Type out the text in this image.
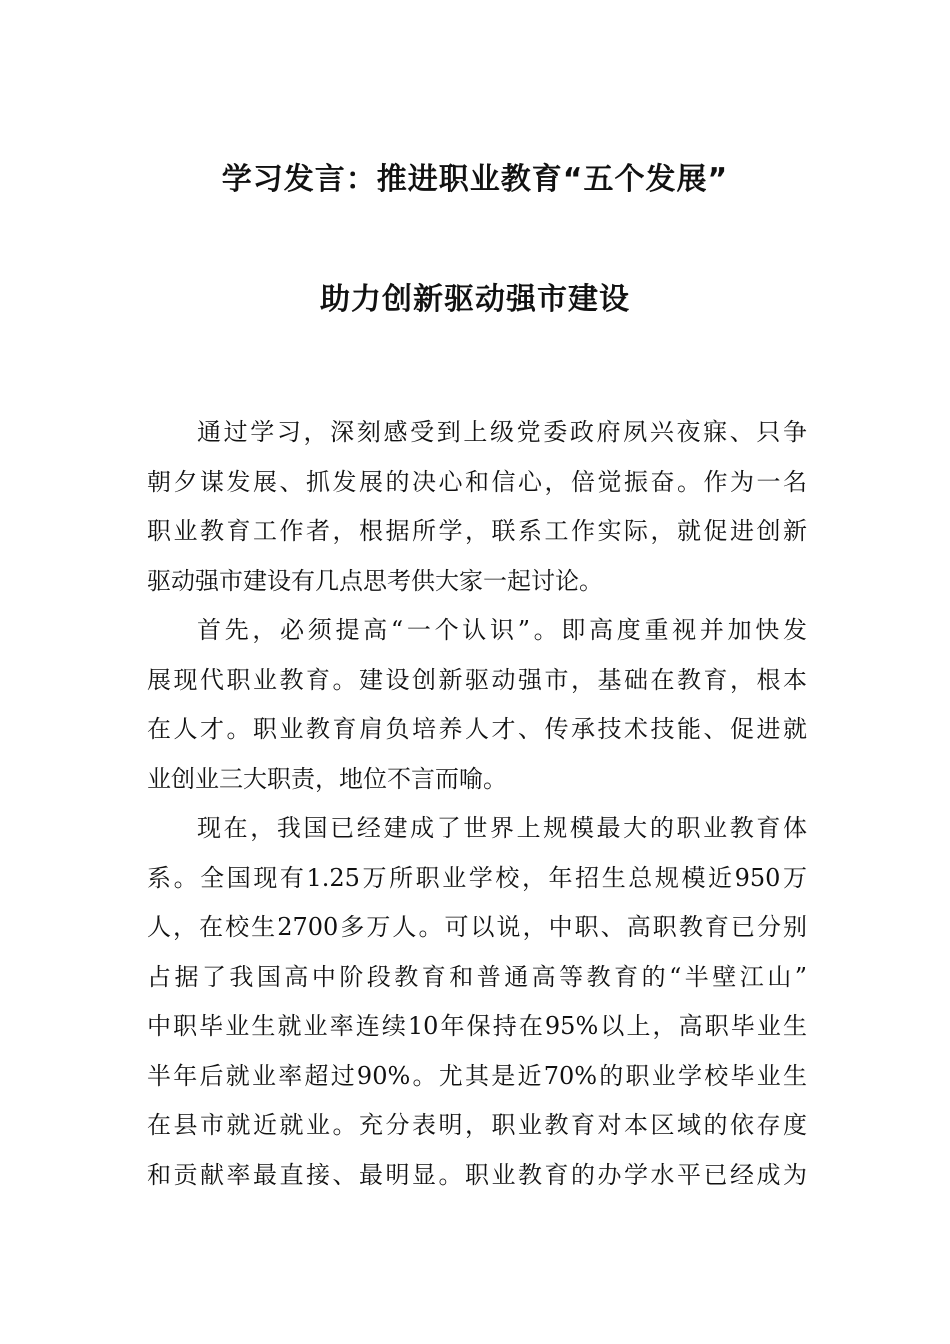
学习发言：推进职业教育“五个发展”
助力创新驱动强市建设
通过学习，深刻感受到上级党委政府夙兴夜寐、只争
朝夕谋发展、抓发展的决心和信心，倍觉振奋。作为一名
职业教育工作者，根据所学，联系工作实际，就促进创新
驱动强市建设有几点思考供大家一起讨论。
首先，必须提高“一个认识”。即高度重视并加快发
展现代职业教育。建设创新驱动强市，基础在教育，根本
在人才。职业教育肩负培养人才、传承技术技能、促进就
业创业三大职责，地位不言而喻。
现在，我国已经建成了世界上规模最大的职业教育体
系。全国现有1.25万所职业学校，年招生总规模近950万
人，在校生2700多万人。可以说，中职、高职教育已分别
占据了我国高中阶段教育和普通高等教育的“半壁江山”
中职毕业生就业率连续10年保持在95%以上，高职毕业生
半年后就业率超过90%。尤其是近70%的职业学校毕业生
在县市就近就业。充分表明，职业教育对本区域的依存度
和贡献率最直接、最明显。职业教育的办学水平已经成为
